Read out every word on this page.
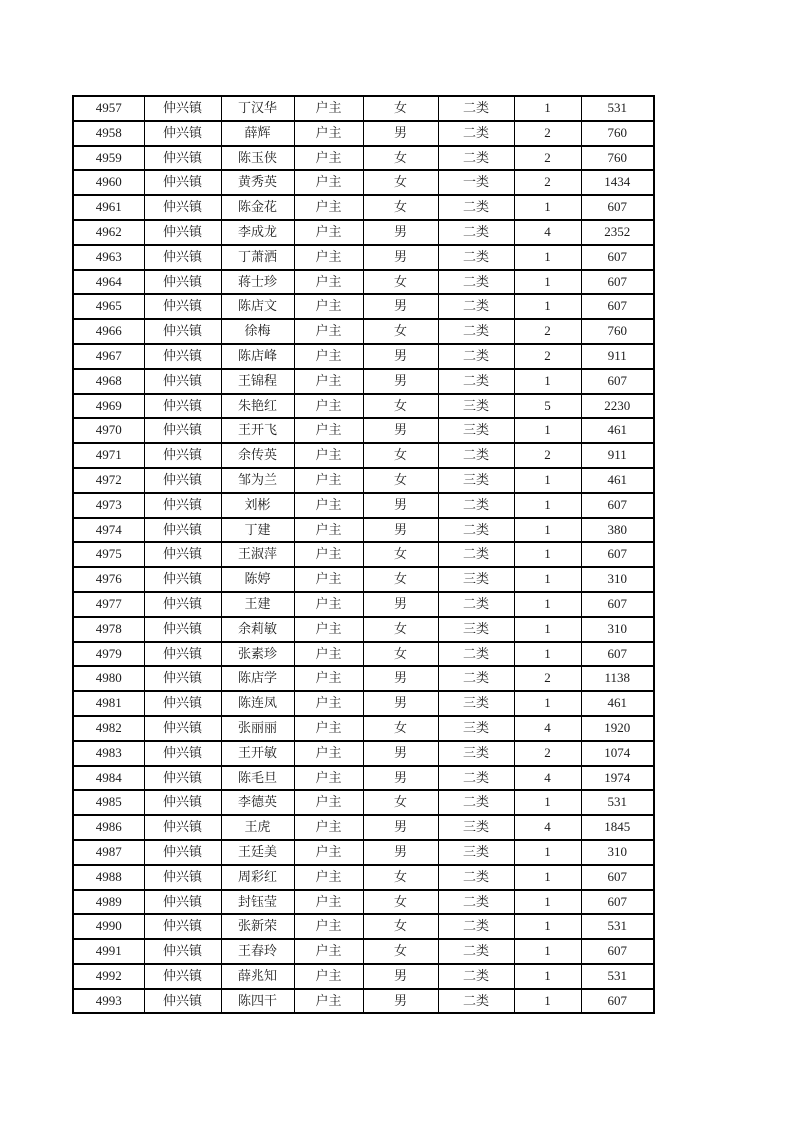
4957	仲兴镇	丁汉华	户主	女	二类	1	531
4958	仲兴镇	薛辉	户主	男	二类	2	760
4959	仲兴镇	陈玉侠	户主	女	二类	2	760
4960	仲兴镇	黄秀英	户主	女	一类	2	1434
4961	仲兴镇	陈金花	户主	女	二类	1	607
4962	仲兴镇	李成龙	户主	男	二类	4	2352
4963	仲兴镇	丁萧洒	户主	男	二类	1	607
4964	仲兴镇	蒋士珍	户主	女	二类	1	607
4965	仲兴镇	陈店文	户主	男	二类	1	607
4966	仲兴镇	徐梅	户主	女	二类	2	760
4967	仲兴镇	陈店峰	户主	男	二类	2	911
4968	仲兴镇	王锦程	户主	男	二类	1	607
4969	仲兴镇	朱艳红	户主	女	三类	5	2230
4970	仲兴镇	王开飞	户主	男	三类	1	461
4971	仲兴镇	余传英	户主	女	二类	2	911
4972	仲兴镇	邹为兰	户主	女	三类	1	461
4973	仲兴镇	刘彬	户主	男	二类	1	607
4974	仲兴镇	丁建	户主	男	二类	1	380
4975	仲兴镇	王淑萍	户主	女	二类	1	607
4976	仲兴镇	陈婷	户主	女	三类	1	310
4977	仲兴镇	王建	户主	男	二类	1	607
4978	仲兴镇	余莉敏	户主	女	三类	1	310
4979	仲兴镇	张素珍	户主	女	二类	1	607
4980	仲兴镇	陈店学	户主	男	二类	2	1138
4981	仲兴镇	陈连凤	户主	男	三类	1	461
4982	仲兴镇	张丽丽	户主	女	三类	4	1920
4983	仲兴镇	王开敏	户主	男	三类	2	1074
4984	仲兴镇	陈毛旦	户主	男	二类	4	1974
4985	仲兴镇	李德英	户主	女	二类	1	531
4986	仲兴镇	王虎	户主	男	三类	4	1845
4987	仲兴镇	王廷美	户主	男	三类	1	310
4988	仲兴镇	周彩红	户主	女	二类	1	607
4989	仲兴镇	封钰莹	户主	女	二类	1	607
4990	仲兴镇	张新荣	户主	女	二类	1	531
4991	仲兴镇	王春玲	户主	女	二类	1	607
4992	仲兴镇	薛兆知	户主	男	二类	1	531
4993	仲兴镇	陈四干	户主	男	二类	1	607
